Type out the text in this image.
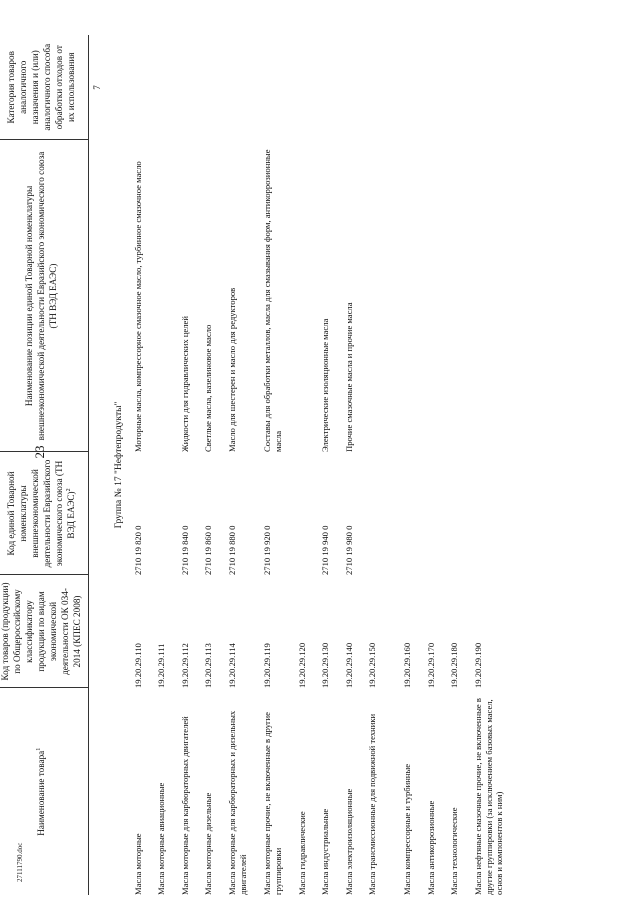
23
Наименование товара$^1$	Код товаров (продукции) по Общероссийскому классификатору продукции по видам экономической деятельности ОК 034-2014 (КПЕС 2008)	Код единой Товарной номенклатуры внешнеэкономической деятельности Евразийского экономического союза (ТН ВЭД ЕАЭС)$^2$	Наименование позиции единой Товарной номенклатуры внешнеэкономической деятельности Евразийского экономического союза (ТН ВЭД ЕАЭС)	Категория товаров аналогичного назначения и (или) аналогичного способа обработки отходов от их использования
				7
Группа № 17 "Нефтепродукты"				
Масла моторные	19.20.29.110	2710 19 820 0	Моторные масла, компрессорное смазочное масло, турбинное смазочное масло	
Масла моторные авиационные	19.20.29.111			
Масла моторные для карбюраторных двигателей	19.20.29.112	2710 19 840 0	Жидкости для гидравлических целей	
Масла моторные дизельные	19.20.29.113	2710 19 860 0	Светлые масла, вазелиновое масло	
Масла моторные для карбюраторных и дизельных двигателей	19.20.29.114	2710 19 880 0	Масло для шестерен и масло для редукторов	
Масла моторные прочие, не включенные в другие группировки	19.20.29.119	2710 19 920 0	Составы для обработки металлов, масла для смазывания форм, антикоррозионные масла	
Масла гидравлические	19.20.29.120			
Масла индустриальные	19.20.29.130	2710 19 940 0	Электрические изоляционные масла	
Масла электроизоляционные	19.20.29.140	2710 19 980 0	Прочие смазочные масла и прочие масла	
Масла трансмиссионные для подвижной техники	19.20.29.150			
Масла компрессорные и турбинные	19.20.29.160			
Масла антикоррозионные	19.20.29.170			
Масла технологические	19.20.29.180			
Масла нефтяные смазочные прочие, не включенные в другие группировки (за исключением базовых масел, основ и компонентов к ним)	19.20.29.190			
27111790.doc
